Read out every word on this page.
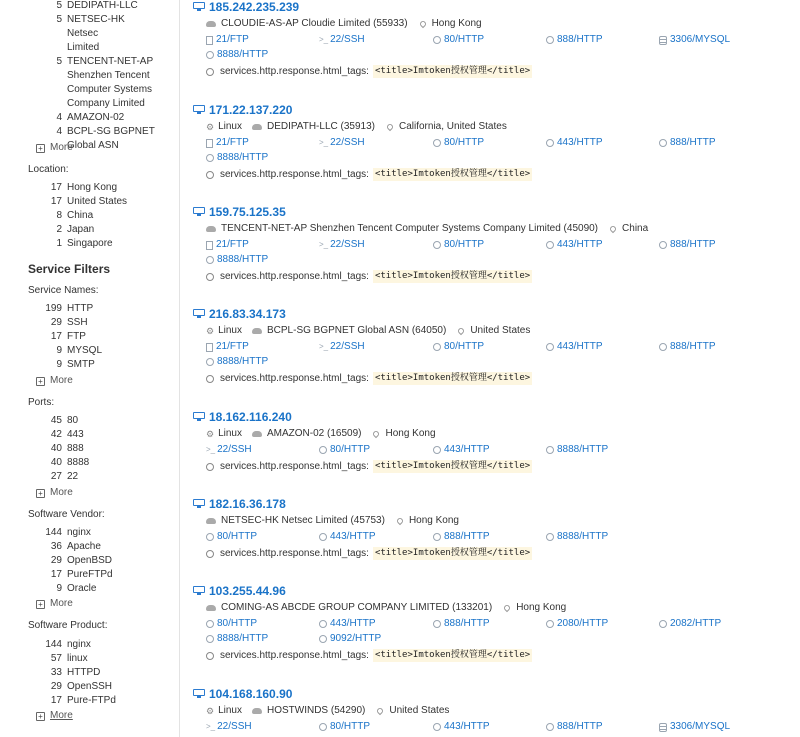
5 DEDIPATH-LLC
5 NETSEC-HK Netsec
Limited
5 TENCENT-NET-AP
Shenzhen Tencent
Computer Systems
Company Limited
4 AMAZON-02
4 BCPL-SG BGPNET
Global ASN
+ More
Location:
17 Hong Kong
17 United States
8 China
2 Japan
1 Singapore
Service Filters
Service Names:
199 HTTP
29 SSH
17 FTP
9 MYSQL
9 SMTP
+ More
Ports:
45 80
42 443
40 888
40 8888
27 22
+ More
Software Vendor:
144 nginx
36 Apache
29 OpenBSD
17 PureFTPd
9 Oracle
+ More
Software Product:
144 nginx
57 linux
33 HTTPD
29 OpenSSH
17 Pure-FTPd
+ More
185.242.235.239
CLOUDIE-AS-AP Cloudie Limited (55933) Hong Kong
21/FTP	>_ 22/SSH	80/HTTP	888/HTTP	3306/MYSQL
8888/HTTP
services.http.response.html_tags: <title>Imtoken授权管理</title>
171.22.137.220
⚙ Linux	DEDIPATH-LLC (35913) California, United States
21/FTP	>_ 22/SSH	80/HTTP	443/HTTP	888/HTTP
8888/HTTP
services.http.response.html_tags: <title>Imtoken授权管理</title>
159.75.125.35
TENCENT-NET-AP Shenzhen Tencent Computer Systems Company Limited (45090) China
21/FTP	>_ 22/SSH	80/HTTP	443/HTTP	888/HTTP
8888/HTTP
services.http.response.html_tags: <title>Imtoken授权管理</title>
216.83.34.173
⚙ Linux	BCPL-SG BGPNET Global ASN (64050) United States
21/FTP	>_ 22/SSH	80/HTTP	443/HTTP	888/HTTP
8888/HTTP
services.http.response.html_tags: <title>Imtoken授权管理</title>
18.162.116.240
⚙ Linux	AMAZON-02 (16509) Hong Kong
>_ 22/SSH	80/HTTP	443/HTTP	8888/HTTP
services.http.response.html_tags: <title>Imtoken授权管理</title>
182.16.36.178
NETSEC-HK Netsec Limited (45753) Hong Kong
80/HTTP	443/HTTP	888/HTTP	8888/HTTP
services.http.response.html_tags: <title>Imtoken授权管理</title>
103.255.44.96
COMING-AS ABCDE GROUP COMPANY LIMITED (133201) Hong Kong
80/HTTP	443/HTTP	888/HTTP	2080/HTTP	2082/HTTP
8888/HTTP	9092/HTTP
services.http.response.html_tags: <title>Imtoken授权管理</title>
104.168.160.90
⚙ Linux	HOSTWINDS (54290) United States
>_ 22/SSH	80/HTTP	443/HTTP	888/HTTP	3306/MYSQL
